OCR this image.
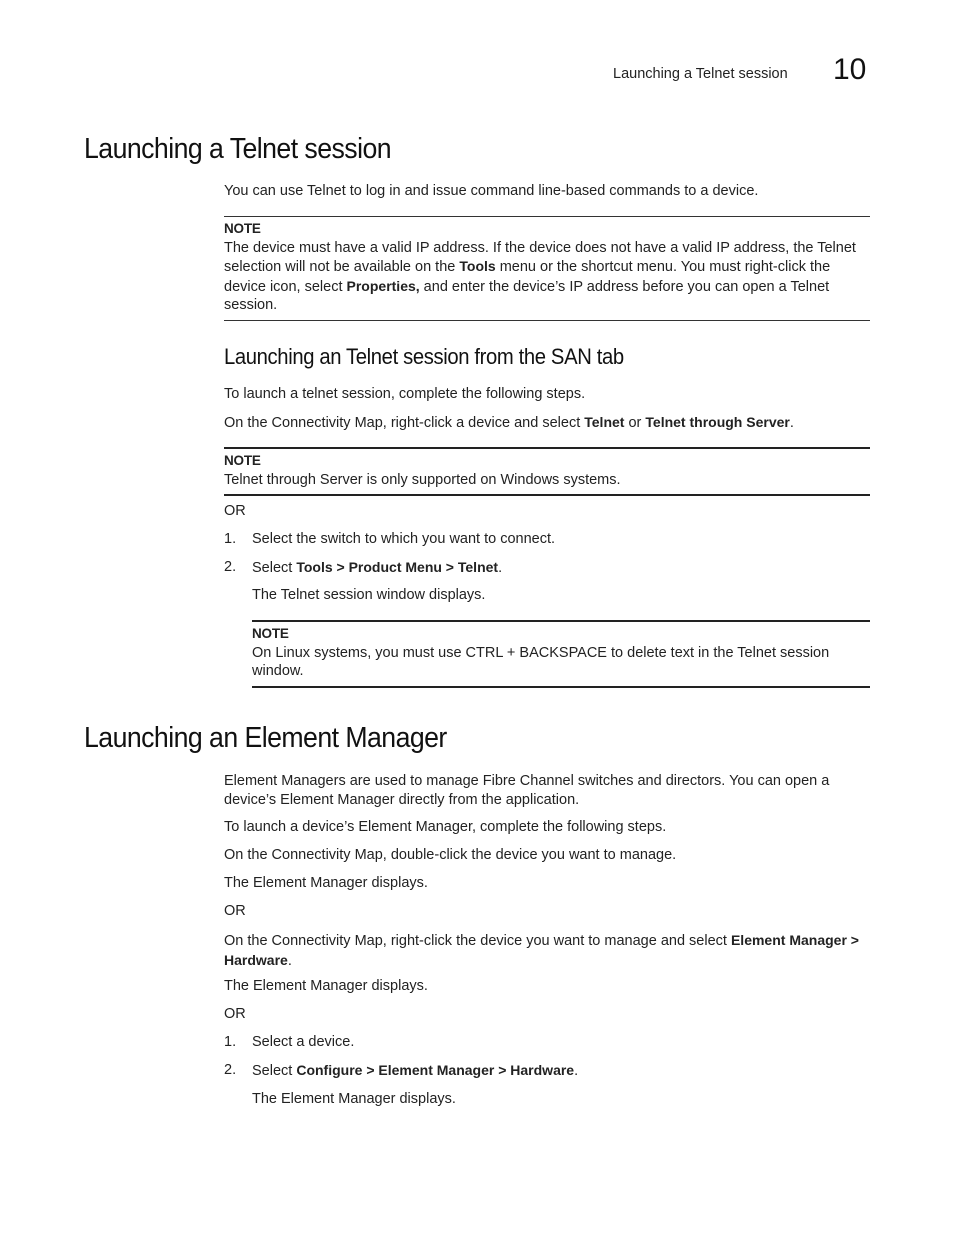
Launching a Telnet session 10
Launching a Telnet session

You can use Telnet to log in and issue command line-based commands to a device.

NOTE
The device must have a valid IP address. If the device does not have a valid IP address, the Telnet selection will not be available on the Tools menu or the shortcut menu. You must right-click the device icon, select Properties, and enter the device’s IP address before you can open a Telnet session.
Launching an Telnet session from the SAN tab

To launch a telnet session, complete the following steps.

On the Connectivity Map, right-click a device and select Telnet or Telnet through Server.

NOTE
Telnet through Server is only supported on Windows systems.

OR

1. Select the switch to which you want to connect.
2. Select Tools > Product Menu > Telnet.

The Telnet session window displays.

NOTE
On Linux systems, you must use CTRL + BACKSPACE to delete text in the Telnet session window.
Launching an Element Manager

Element Managers are used to manage Fibre Channel switches and directors. You can open a device’s Element Manager directly from the application.

To launch a device’s Element Manager, complete the following steps.

On the Connectivity Map, double-click the device you want to manage.

The Element Manager displays.

OR

On the Connectivity Map, right-click the device you want to manage and select Element Manager > Hardware.

The Element Manager displays.

OR

1. Select a device.
2. Select Configure > Element Manager > Hardware.

The Element Manager displays.
